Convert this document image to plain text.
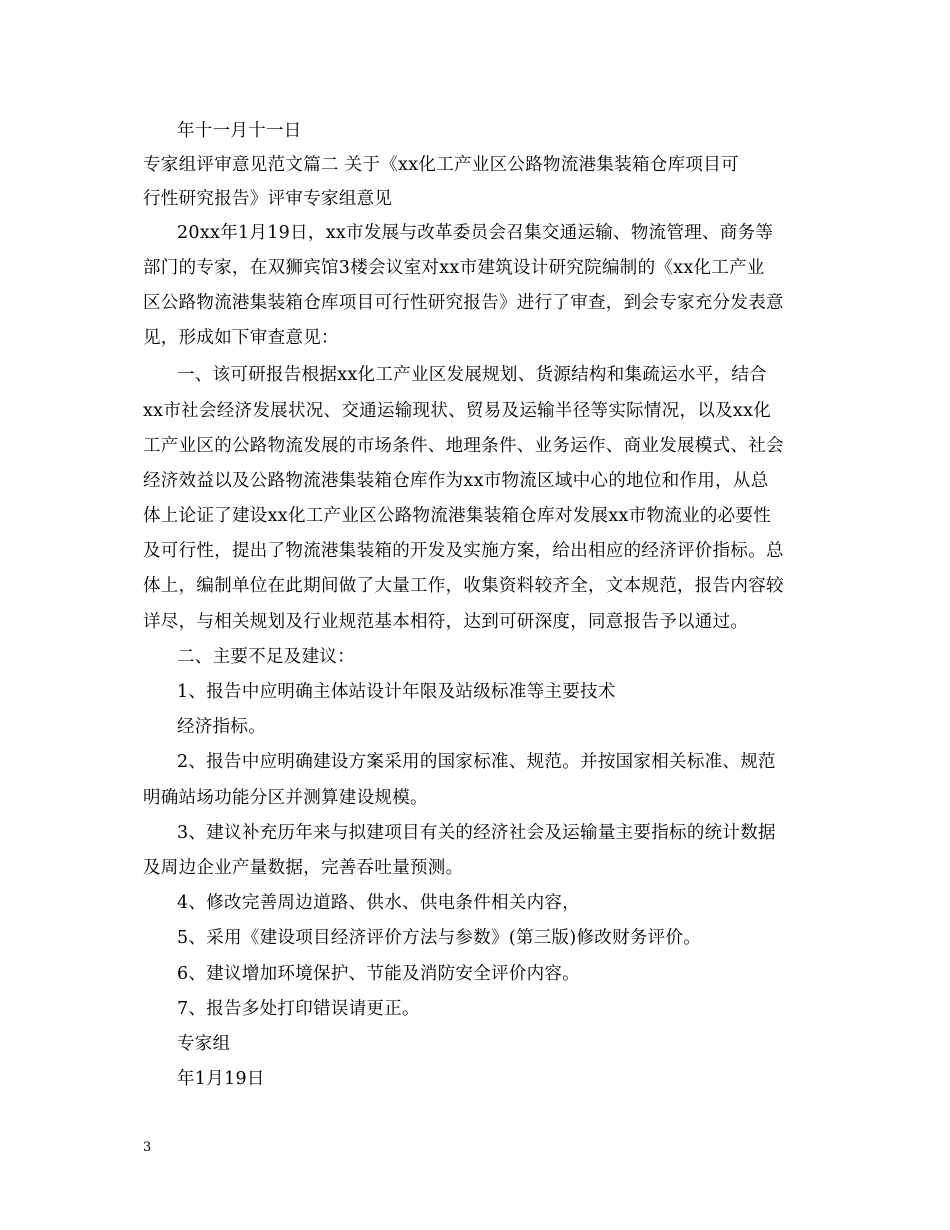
年十一月十一日
专家组评审意见范文篇二 关于《xx化工产业区公路物流港集装箱仓库项目可
行性研究报告》评审专家组意见
20xx年1月19日，xx市发展与改革委员会召集交通运输、物流管理、商务等
部门的专家，在双狮宾馆3楼会议室对xx市建筑设计研究院编制的《xx化工产业
区公路物流港集装箱仓库项目可行性研究报告》进行了审查，到会专家充分发表意
见，形成如下审查意见：
一、该可研报告根据xx化工产业区发展规划、货源结构和集疏运水平，结合
xx市社会经济发展状况、交通运输现状、贸易及运输半径等实际情况，以及xx化
工产业区的公路物流发展的市场条件、地理条件、业务运作、商业发展模式、社会
经济效益以及公路物流港集装箱仓库作为xx市物流区域中心的地位和作用，从总
体上论证了建设xx化工产业区公路物流港集装箱仓库对发展xx市物流业的必要性
及可行性，提出了物流港集装箱的开发及实施方案，给出相应的经济评价指标。总
体上，编制单位在此期间做了大量工作，收集资料较齐全，文本规范，报告内容较
详尽，与相关规划及行业规范基本相符，达到可研深度，同意报告予以通过。
二、主要不足及建议：
1、报告中应明确主体站设计年限及站级标准等主要技术
经济指标。
2、报告中应明确建设方案采用的国家标准、规范。并按国家相关标准、规范
明确站场功能分区并测算建设规模。
3、建议补充历年来与拟建项目有关的经济社会及运输量主要指标的统计数据
及周边企业产量数据，完善吞吐量预测。
4、修改完善周边道路、供水、供电条件相关内容，
5、采用《建设项目经济评价方法与参数》(第三版)修改财务评价。
6、建议增加环境保护、节能及消防安全评价内容。
7、报告多处打印错误请更正。
专家组
年1月19日
3
